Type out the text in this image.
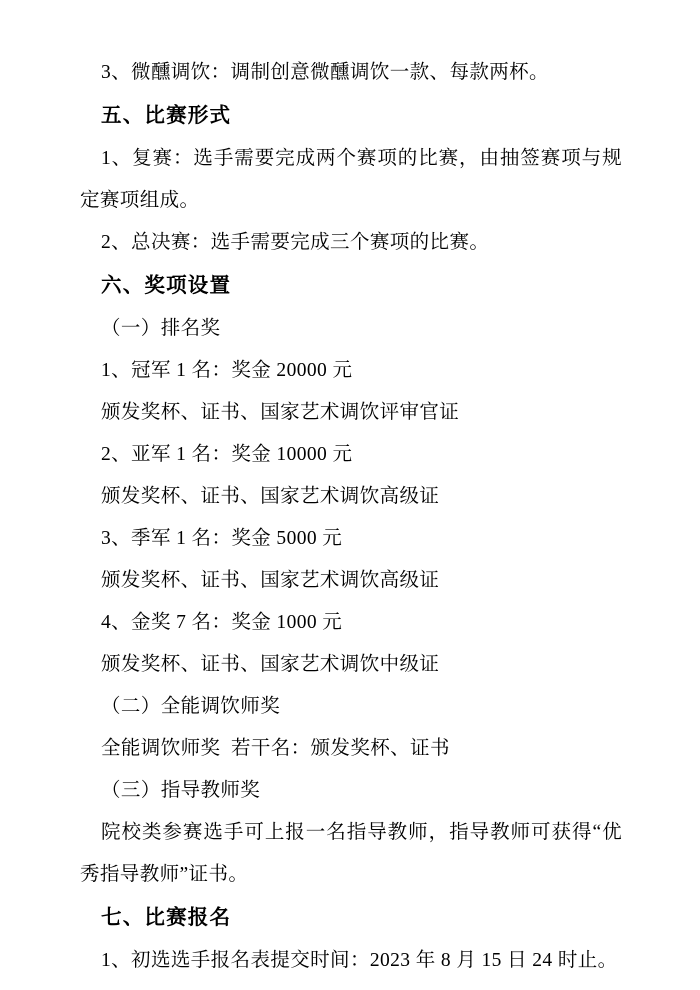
3、微醺调饮：调制创意微醺调饮一款、每款两杯。

五、比赛形式

1、复赛：选手需要完成两个赛项的比赛，由抽签赛项与规定赛项组成。

2、总决赛：选手需要完成三个赛项的比赛。

六、奖项设置

（一）排名奖

1、冠军 1 名：奖金 20000 元

颁发奖杯、证书、国家艺术调饮评审官证

2、亚军 1 名：奖金 10000 元

颁发奖杯、证书、国家艺术调饮高级证

3、季军 1 名：奖金 5000 元

颁发奖杯、证书、国家艺术调饮高级证

4、金奖 7 名：奖金 1000 元

颁发奖杯、证书、国家艺术调饮中级证

（二）全能调饮师奖

全能调饮师奖  若干名：颁发奖杯、证书

（三）指导教师奖

院校类参赛选手可上报一名指导教师，指导教师可获得“优秀指导教师”证书。

七、比赛报名

1、初选选手报名表提交时间：2023 年 8 月 15 日 24 时止。
